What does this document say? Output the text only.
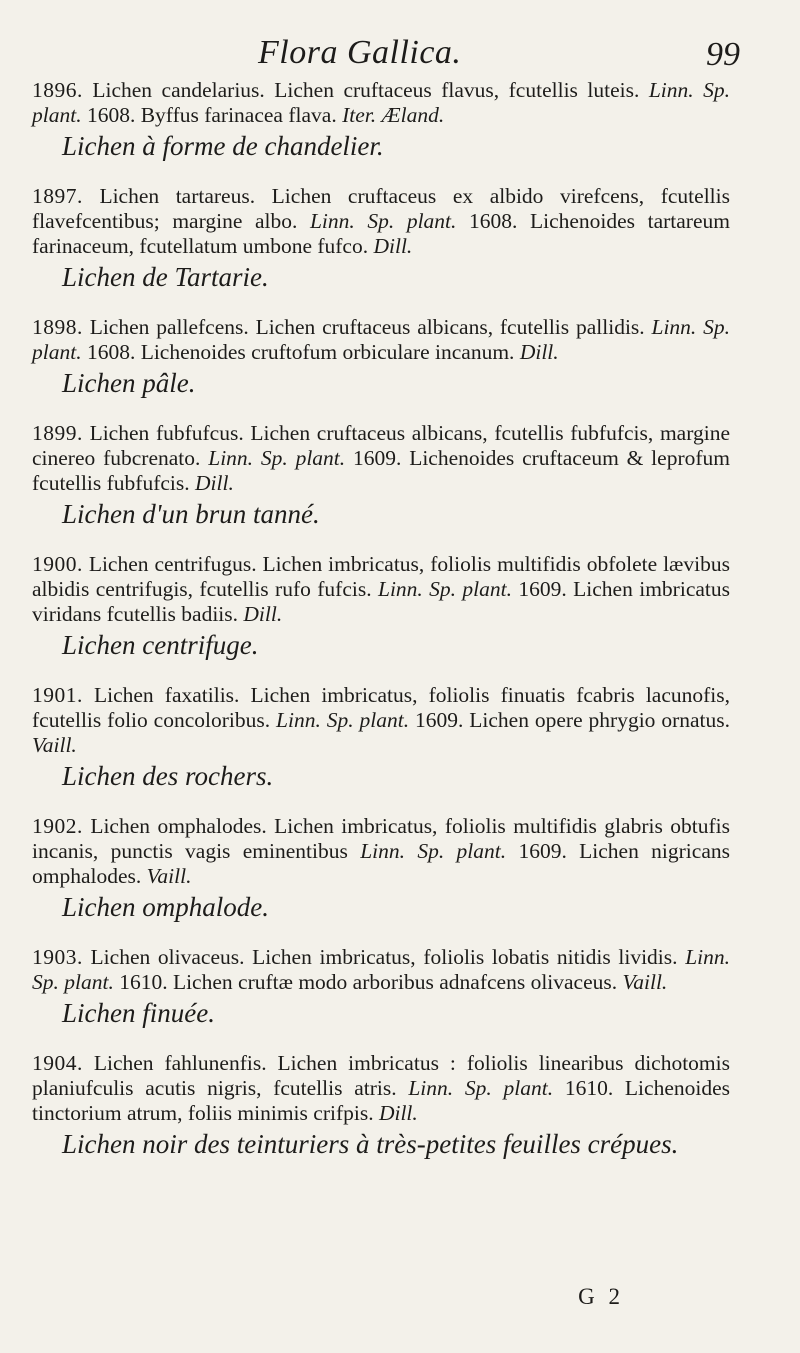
Flora Gallica.	99

1896. Lichen candelarius. Lichen cruftaceus flavus, fcutellis luteis. Linn. Sp. plant. 1608. Byffus farinacea flava. Iter. Æland.

Lichen à forme de chandelier.

1897. Lichen tartareus. Lichen cruftaceus ex albido virefcens, fcutellis flavefcentibus; margine albo. Linn. Sp. plant. 1608. Lichenoides tartareum farinaceum, fcutellatum umbone fufco. Dill.

Lichen de Tartarie.

1898. Lichen pallefcens. Lichen cruftaceus albicans, fcutellis pallidis. Linn. Sp. plant. 1608. Lichenoides cruftofum orbiculare incanum. Dill.

Lichen pâle.

1899. Lichen fubfufcus. Lichen cruftaceus albicans, fcutellis fubfufcis, margine cinereo fubcrenato. Linn. Sp. plant. 1609. Lichenoides cruftaceum & leprofum fcutellis fubfufcis. Dill.

Lichen d'un brun tanné.

1900. Lichen centrifugus. Lichen imbricatus, foliolis multifidis obfolete lævibus albidis centrifugis, fcutellis rufo fufcis. Linn. Sp. plant. 1609. Lichen imbricatus viridans fcutellis badiis. Dill.

Lichen centrifuge.

1901. Lichen faxatilis. Lichen imbricatus, foliolis finuatis fcabris lacunofis, fcutellis folio concoloribus. Linn. Sp. plant. 1609. Lichen opere phrygio ornatus. Vaill.

Lichen des rochers.

1902. Lichen omphalodes. Lichen imbricatus, foliolis multifidis glabris obtufis incanis, punctis vagis eminentibus Linn. Sp. plant. 1609. Lichen nigricans omphalodes. Vaill.

Lichen omphalode.

1903. Lichen olivaceus. Lichen imbricatus, foliolis lobatis nitidis lividis. Linn. Sp. plant. 1610. Lichen cruftæ modo arboribus adnafcens olivaceus. Vaill.

Lichen finuée.

1904. Lichen fahlunenfis. Lichen imbricatus : foliolis linearibus dichotomis planiufculis acutis nigris, fcutellis atris. Linn. Sp. plant. 1610. Lichenoides tinctorium atrum, foliis minimis crifpis. Dill.

Lichen noir des teinturiers à très-petites feuilles crépues.
G 2
